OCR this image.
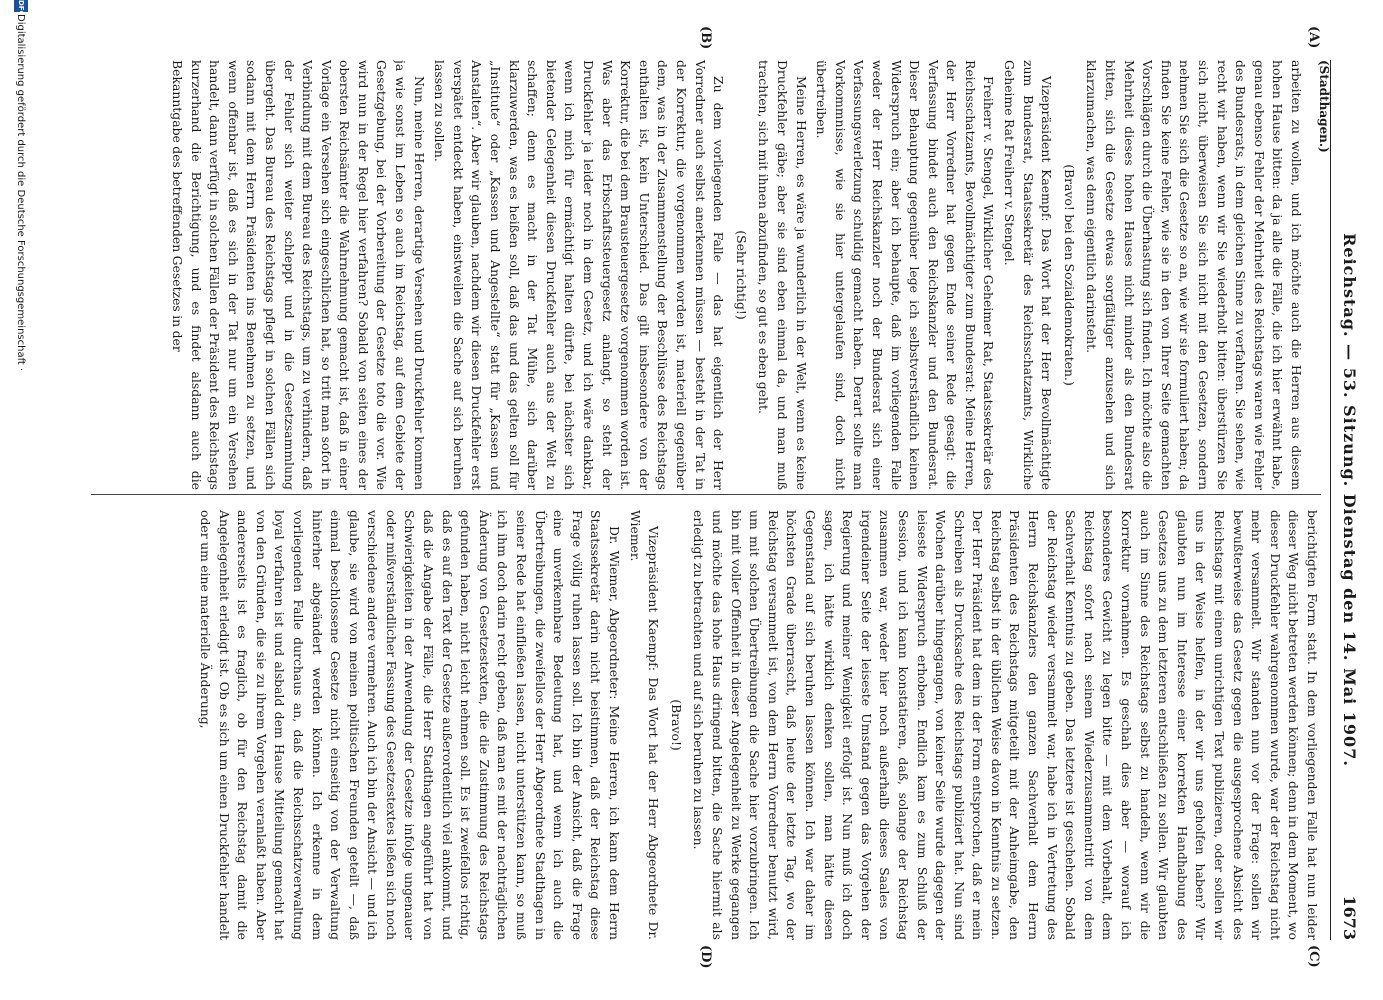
(Stadthagen.)
Reichstag. — 53. Sitzung. Dienstag den 14. Mai 1907.
1673
(A)
(B)
(C)
(D)

arbeiten zu wollen, und ich möchte auch die Herren aus diesem hohen Hause bitten: da ja alle die Fälle, die ich hier erwähnt habe, genau ebenso Fehler der Mehrheit des Reichstags waren wie Fehler des Bundesrats, in dem gleichen Sinne zu verfahren. Sie sehen, wie recht wir haben, wenn wir Sie wiederholt bitten: überstürzen Sie sich nicht, überweisen Sie sich nicht mit den Gesetzen, sondern nehmen Sie sich die Gesetze so an, wie wir sie formuliert haben; da finden Sie keine Fehler, wie sie in den von Ihrer Seite gemachten Vorschlägen durch die Überhastung sich finden. Ich möchte also die Mehrheit dieses hohen Hauses nicht minder als den Bundesrat bitten, sich die Gesetze etwas sorgfältiger anzusehen und sich klarzumachen, was denn eigentlich darinsteht.

(Bravo! bei den Sozialdemokraten.)

Vizepräsident Kaempf: Das Wort hat der Herr Bevollmächtigte zum Bundesrat, Staatssekretär des Reichsschatzamts, Wirkliche Geheime Rat Freiherr v. Stengel.

Freiherr v. Stengel, Wirklicher Geheimer Rat, Staatssekretär des Reichsschatzamts, Bevollmächtigter zum Bundesrat: Meine Herren, der Herr Vorredner hat gegen Ende seiner Rede gesagt: die Verfassung bindet auch den Reichskanzler und den Bundesrat. Dieser Behauptung gegenüber lege ich selbstverständlich keinen Widerspruch ein; aber ich behaupte, daß im vorliegenden Falle weder der Herr Reichskanzler noch der Bundesrat sich einer Verfassungsverletzung schuldig gemacht haben. Derart sollte man Vorkommnisse, wie sie hier untergelaufen sind, doch nicht übertreiben.

Meine Herren, es wäre ja wunderlich in der Welt, wenn es keine Druckfehler gäbe; aber sie sind eben einmal da, und man muß trachten, sich mit ihnen abzufinden, so gut es eben geht.

(Sehr richtig!)

Zu dem vorliegenden Falle — das hat eigentlich der Herr Vorredner auch selbst anerkennen müssen — besteht in der Tat in der Korrektur, die vorgenommen worden ist, materiell gegenüber dem, was in der Zusammenstellung der Beschlüsse des Reichstags enthalten ist, kein Unterschied. Das gilt insbesondere von der Korrektur, die bei dem Brausteuergesetze vorgenommen worden ist. Was aber das Erbschaftssteuergesetz anlangt, so steht der Druckfehler ja leider noch in dem Gesetz, und ich wäre dankbar, wenn ich mich für ermächtigt halten dürfte, bei nächster sich bietender Gelegenheit diesen Druckfehler auch aus der Welt zu schaffen; denn es macht in der Tat Mühe, sich darüber klarzuwerden, was es heißen soll, daß das und das gelten soll für „Institute“ oder „Kassen und Angestellte“ statt für „Kassen und Anstalten“. Aber wir glauben, nachdem wir diesen Druckfehler erst verspätet entdeckt haben, einstweilen die Sache auf sich beruhen lassen zu sollen.

Nun, meine Herren, derartige Versehen und Druckfehler kommen ja wie sonst im Leben so auch im Reichstag, auf dem Gebiete der Gesetzgebung, bei der Vorbereitung der Gesetze toto die vor. Wie wird nun in der Regel hier verfahren? Sobald von seiten eines der obersten Reichsämter die Wahrnehmung gemacht ist, daß in einer Vorlage ein Versehen sich eingeschlichen hat, so tritt man sofort in Verbindung mit dem Bureau des Reichstags, um zu verhindern, daß der Fehler sich weiter schleppt und in die Gesetzsammlung übergeht. Das Bureau des Reichstags pflegt in solchen Fällen sich sodann mit dem Herrn Präsidenten ins Benehmen zu setzen, und wenn offenbar ist, daß es sich in der Tat nur um ein Versehen handelt, dann verfügt in solchen Fällen der Präsident des Reichstags kurzerhand die Berichtigung, und es findet alsdann auch die Bekanntgabe des betreffenden Gesetzes in der

berichtigten Form statt. In dem vorliegenden Falle hat nun leider dieser Weg nicht betreten werden können; denn in dem Moment, wo dieser Druckfehler wahrgenommen wurde, war der Reichstag nicht mehr versammelt. Wir standen nun vor der Frage: sollen wir bewußterweise das Gesetz gegen die ausgesprochene Absicht des Reichstags mit einem unrichtigen Text publizieren, oder sollen wir uns in der Weise helfen, in der wir uns geholfen haben? Wir glaubten nun im Interesse einer korrekten Handhabung des Gesetzes uns zu dem letzteren entschließen zu sollen. Wir glaubten auch im Sinne des Reichstags selbst zu handeln, wenn wir die Korrektur vornahmen. Es geschah dies aber — worauf ich besonderes Gewicht zu legen bitte — mit dem Vorbehalt, dem Reichstag sofort nach seinem Wiederzusammentritt von dem Sachverhalt Kenntnis zu geben. Das letztere ist geschehen. Sobald der Reichstag wieder versammelt war, habe ich in Vertretung des Herrn Reichskanzlers den ganzen Sachverhalt dem Herrn Präsidenten des Reichstags mitgeteilt mit der Anheimgabe, den Reichstag selbst in der üblichen Weise davon in Kenntnis zu setzen. Der Herr Präsident hat dem in der Form entsprochen, daß er mein Schreiben als Drucksache des Reichstags publiziert hat. Nun sind Wochen darüber hingegangen, von keiner Seite wurde dagegen der leiseste Widerspruch erhoben. Endlich kam es zum Schluß der Session, und ich kann konstatieren, daß, solange der Reichstag zusammen war, weder hier noch außerhalb dieses Saales von irgendeiner Seite der leiseste Umstand gegen das Vorgehen der Regierung und meiner Wenigkeit erfolgt ist. Nun muß ich doch sagen, ich hätte wirklich denken sollen, man hätte diesen Gegenstand auf sich beruhen lassen können. Ich war daher im höchsten Grade überrascht, daß heute der letzte Tag, wo der Reichstag versammelt ist, von dem Herrn Vorredner benutzt wird, um mit solchen Übertreibungen die Sache hier vorzubringen. Ich bin mit voller Offenheit in dieser Angelegenheit zu Werke gegangen und möchte das hohe Haus dringend bitten, die Sache hiermit als erledigt zu betrachten und auf sich beruhen zu lassen.

(Bravo!)

Vizepräsident Kaempf: Das Wort hat der Herr Abgeordnete Dr. Wiemer.

Dr. Wiemer, Abgeordneter: Meine Herren, ich kann dem Herrn Staatssekretär darin nicht beistimmen, daß der Reichstag diese Frage völlig ruhen lassen soll. Ich bin der Ansicht, daß die Frage eine unverkennbare Bedeutung hat, und wenn ich auch die Übertreibungen, die zweifellos der Herr Abgeordnete Stadthagen in seiner Rede hat einfließen lassen, nicht unterstützen kann, so muß ich ihm doch darin recht geben, daß man es mit der nachträglichen Änderung von Gesetzestexten, die die Zustimmung des Reichstags gefunden haben, nicht leicht nehmen soll. Es ist zweifellos richtig, daß es auf den Text der Gesetze außerordentlich viel ankommt, und daß die Angabe der Fälle, die Herr Stadthagen angeführt hat von Schwierigkeiten in der Anwendung der Gesetze infolge ungenauer oder mißverständlicher Fassung des Gesetzestextes ließen sich noch verschiedene andere vermehren. Auch ich bin der Ansicht — und ich glaube, sie wird von meinen politischen Freunden geteilt —, daß einmal beschlossene Gesetze nicht einseitig von der Verwaltung hinterher abgeändert werden können. Ich erkenne in dem vorliegenden Falle durchaus an, daß die Reichsschatzverwaltung loyal verfahren ist und alsbald dem Hause Mitteilung gemacht hat von den Gründen, die sie zu ihrem Vorgehen veranlaßt haben. Aber andererseits ist es fraglich, ob für den Reichstag damit die Angelegenheit erledigt ist. Ob es sich um einen Druckfehler handelt oder um eine materielle Änderung,

DFG
Digitalisierung gefördert durch die Deutsche Forschungsgemeinschaft ·
